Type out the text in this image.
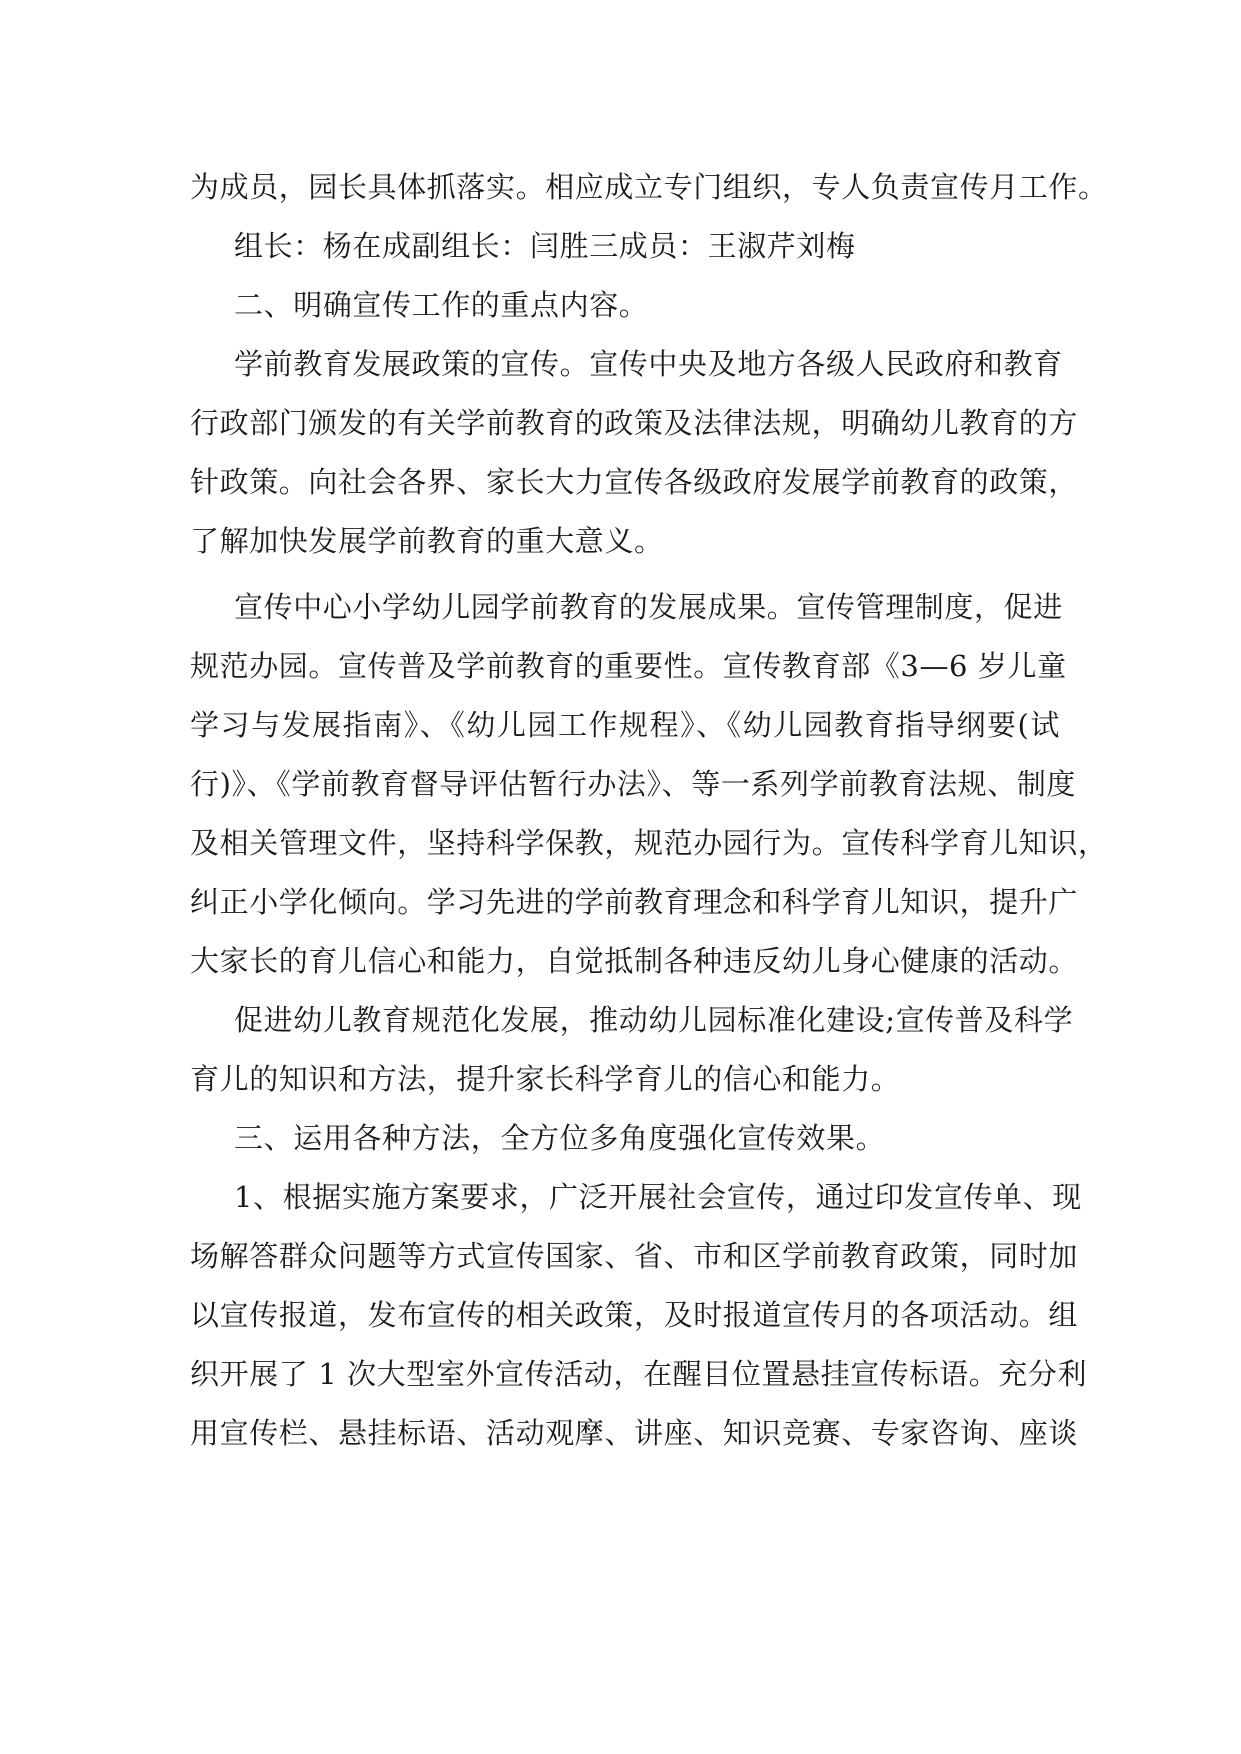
为成员，园长具体抓落实。相应成立专门组织，专人负责宣传月工作。
组长：杨在成副组长：闫胜三成员：王淑芹刘梅
二、明确宣传工作的重点内容。
学前教育发展政策的宣传。宣传中央及地方各级人民政府和教育
行政部门颁发的有关学前教育的政策及法律法规，明确幼儿教育的方
针政策。向社会各界、家长大力宣传各级政府发展学前教育的政策，
了解加快发展学前教育的重大意义。
宣传中心小学幼儿园学前教育的发展成果。宣传管理制度，促进
规范办园。宣传普及学前教育的重要性。宣传教育部《3—6 岁儿童
学习与发展指南》、《幼儿园工作规程》、《幼儿园教育指导纲要(试
行)》、《学前教育督导评估暂行办法》、等一系列学前教育法规、制度
及相关管理文件，坚持科学保教，规范办园行为。宣传科学育儿知识，
纠正小学化倾向。学习先进的学前教育理念和科学育儿知识，提升广
大家长的育儿信心和能力，自觉抵制各种违反幼儿身心健康的活动。
促进幼儿教育规范化发展，推动幼儿园标准化建设;宣传普及科学
育儿的知识和方法，提升家长科学育儿的信心和能力。
三、运用各种方法，全方位多角度强化宣传效果。
1、根据实施方案要求，广泛开展社会宣传，通过印发宣传单、现
场解答群众问题等方式宣传国家、省、市和区学前教育政策，同时加
以宣传报道，发布宣传的相关政策，及时报道宣传月的各项活动。组
织开展了 1 次大型室外宣传活动，在醒目位置悬挂宣传标语。充分利
用宣传栏、悬挂标语、活动观摩、讲座、知识竞赛、专家咨询、座谈
